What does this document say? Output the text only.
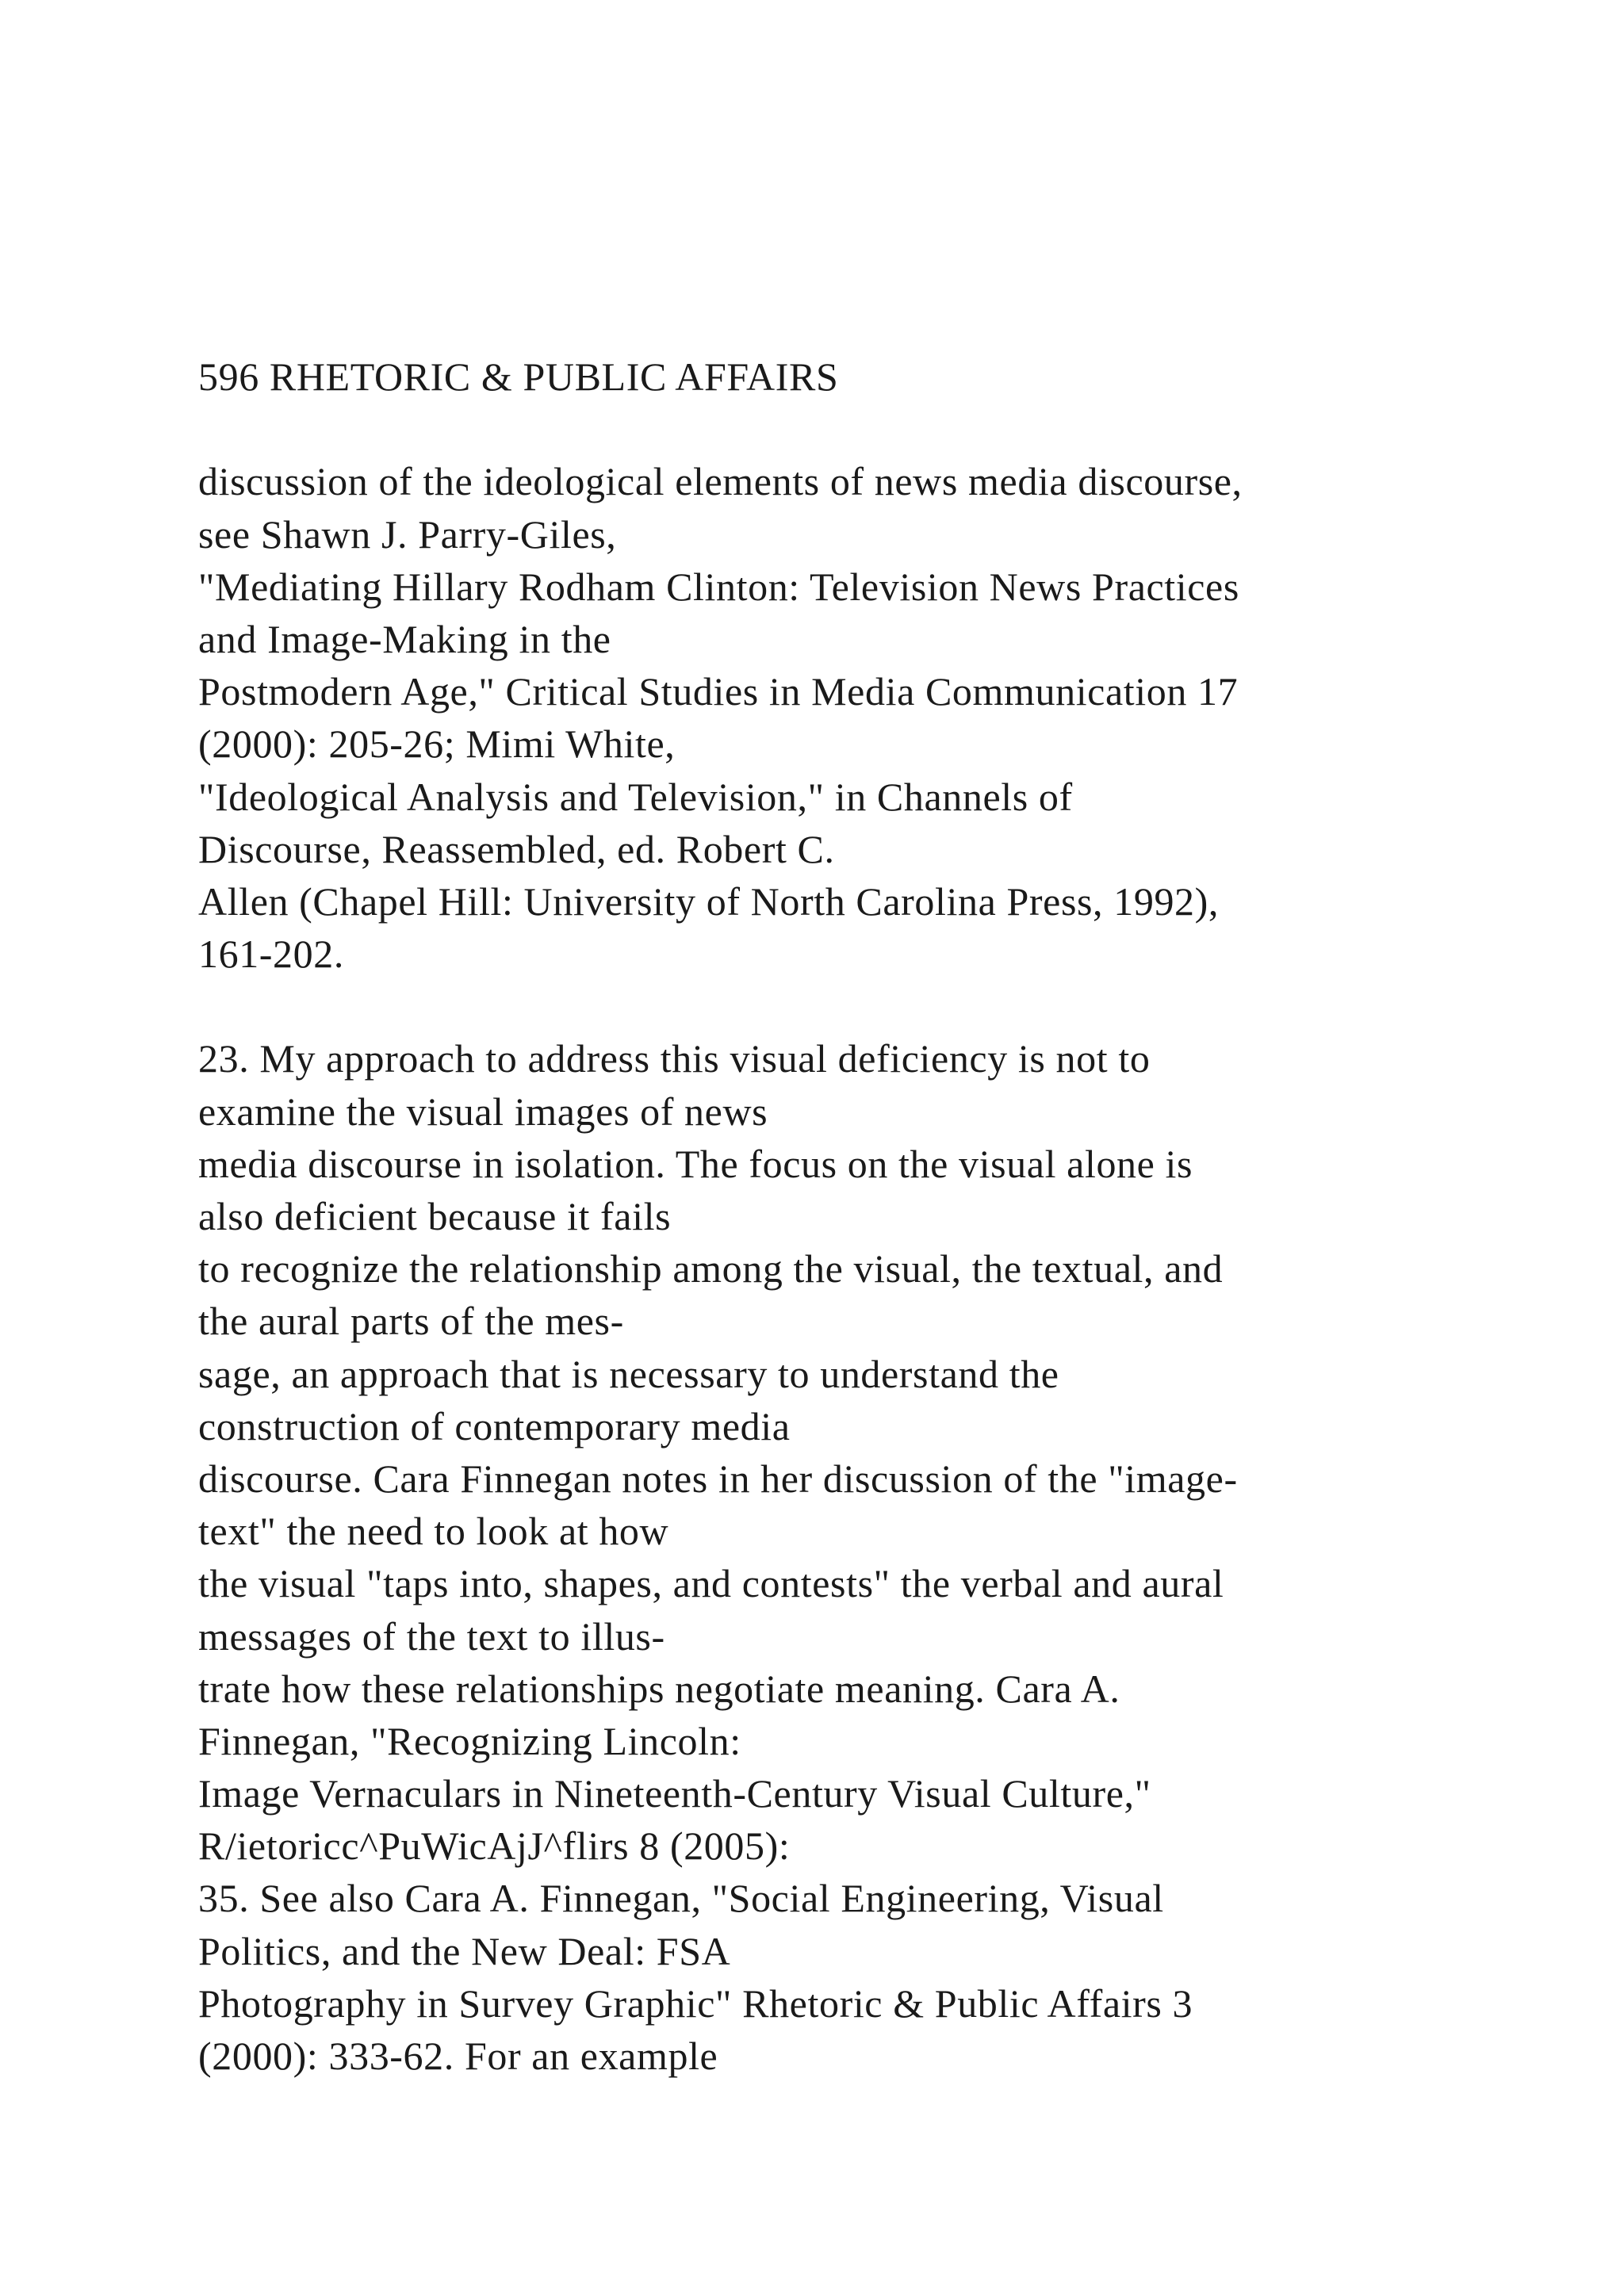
596 RHETORIC & PUBLIC AFFAIRS
discussion of the ideological elements of news media discourse,
see Shawn J. Parry-Giles,
"Mediating Hillary Rodham Clinton: Television News Practices
and Image-Making in the
Postmodern Age," Critical Studies in Media Communication 17
(2000): 205-26; Mimi White,
"Ideological Analysis and Television," in Channels of
Discourse, Reassembled, ed. Robert C.
Allen (Chapel Hill: University of North Carolina Press, 1992),
161-202.
23. My approach to address this visual deficiency is not to
examine the visual images of news
media discourse in isolation. The focus on the visual alone is
also deficient because it fails
to recognize the relationship among the visual, the textual, and
the aural parts of the mes-
sage, an approach that is necessary to understand the
construction of contemporary media
discourse. Cara Finnegan notes in her discussion of the "image-
text" the need to look at how
the visual "taps into, shapes, and contests" the verbal and aural
messages of the text to illus-
trate how these relationships negotiate meaning. Cara A.
Finnegan, "Recognizing Lincoln:
Image Vernaculars in Nineteenth-Century Visual Culture,"
R/ietoricc^PuWicAjJ^flirs 8 (2005):
35. See also Cara A. Finnegan, "Social Engineering, Visual
Politics, and the New Deal: FSA
Photography in Survey Graphic" Rhetoric & Public Affairs 3
(2000): 333-62. For an example
